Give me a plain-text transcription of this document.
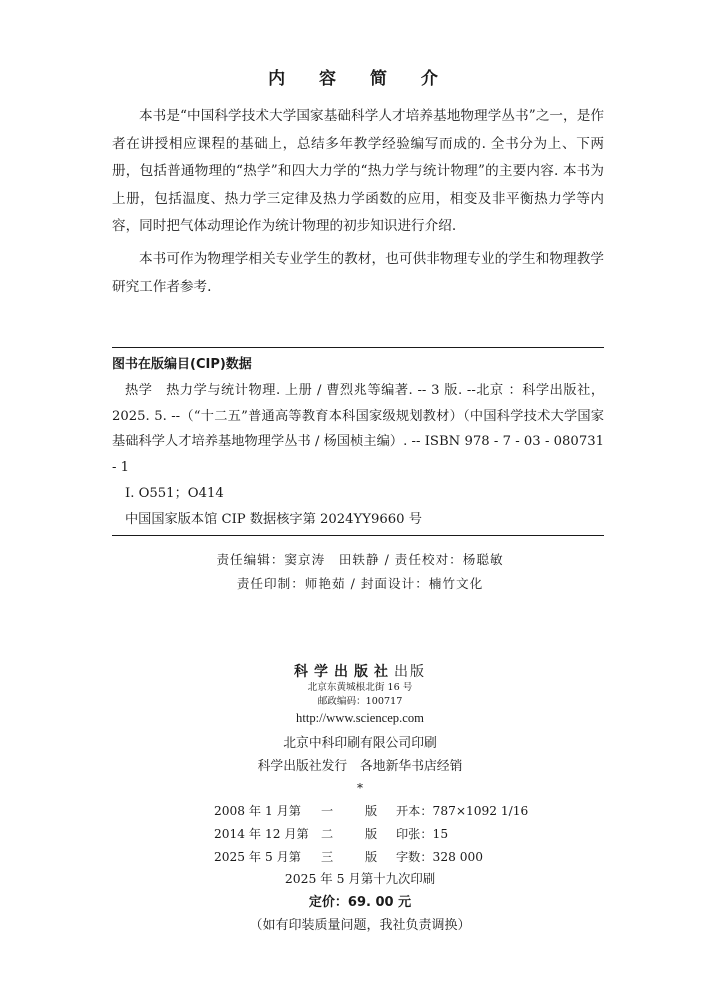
内 容 简 介

本书是“中国科学技术大学国家基础科学人才培养基地物理学丛书”之一，是作者在讲授相应课程的基础上，总结多年教学经验编写而成的. 全书分为上、下两册，包括普通物理的“热学”和四大力学的“热力学与统计物理”的主要内容. 本书为上册，包括温度、热力学三定律及热力学函数的应用，相变及非平衡热力学等内容，同时把气体动理论作为统计物理的初步知识进行介绍.

本书可作为物理学相关专业学生的教材，也可供非物理专业的学生和物理教学研究工作者参考.

图书在版编目(CIP)数据

热学　热力学与统计物理. 上册 / 曹烈兆等编著. -- 3 版. --北京 ：科学出版社，2025. 5. --（“十二五”普通高等教育本科国家级规划教材）（中国科学技术大学国家基础科学人才培养基地物理学丛书 / 杨国桢主编）. -- ISBN 978 - 7 - 03 - 080731 - 1

Ⅰ. O551；O414

中国国家版本馆 CIP 数据核字第 2024YY9660 号

责任编辑：窦京涛　田轶静 / 责任校对：杨聪敏
责任印制：师艳茹 / 封面设计：楠竹文化
科学出版社出版
北京东黄城根北街 16 号
邮政编码：100717
http://www.sciencep.com
北京中科印刷有限公司印刷
科学出版社发行　各地新华书店经销
*
2008 年 1 月第	一	版	开本：787×1092 1/16
2014 年 12 月第	二	版	印张：15
2025 年 5 月第	三	版	字数：328 000
2025 年 5 月第十九次印刷
定价：69. 00 元
（如有印装质量问题，我社负责调换）
